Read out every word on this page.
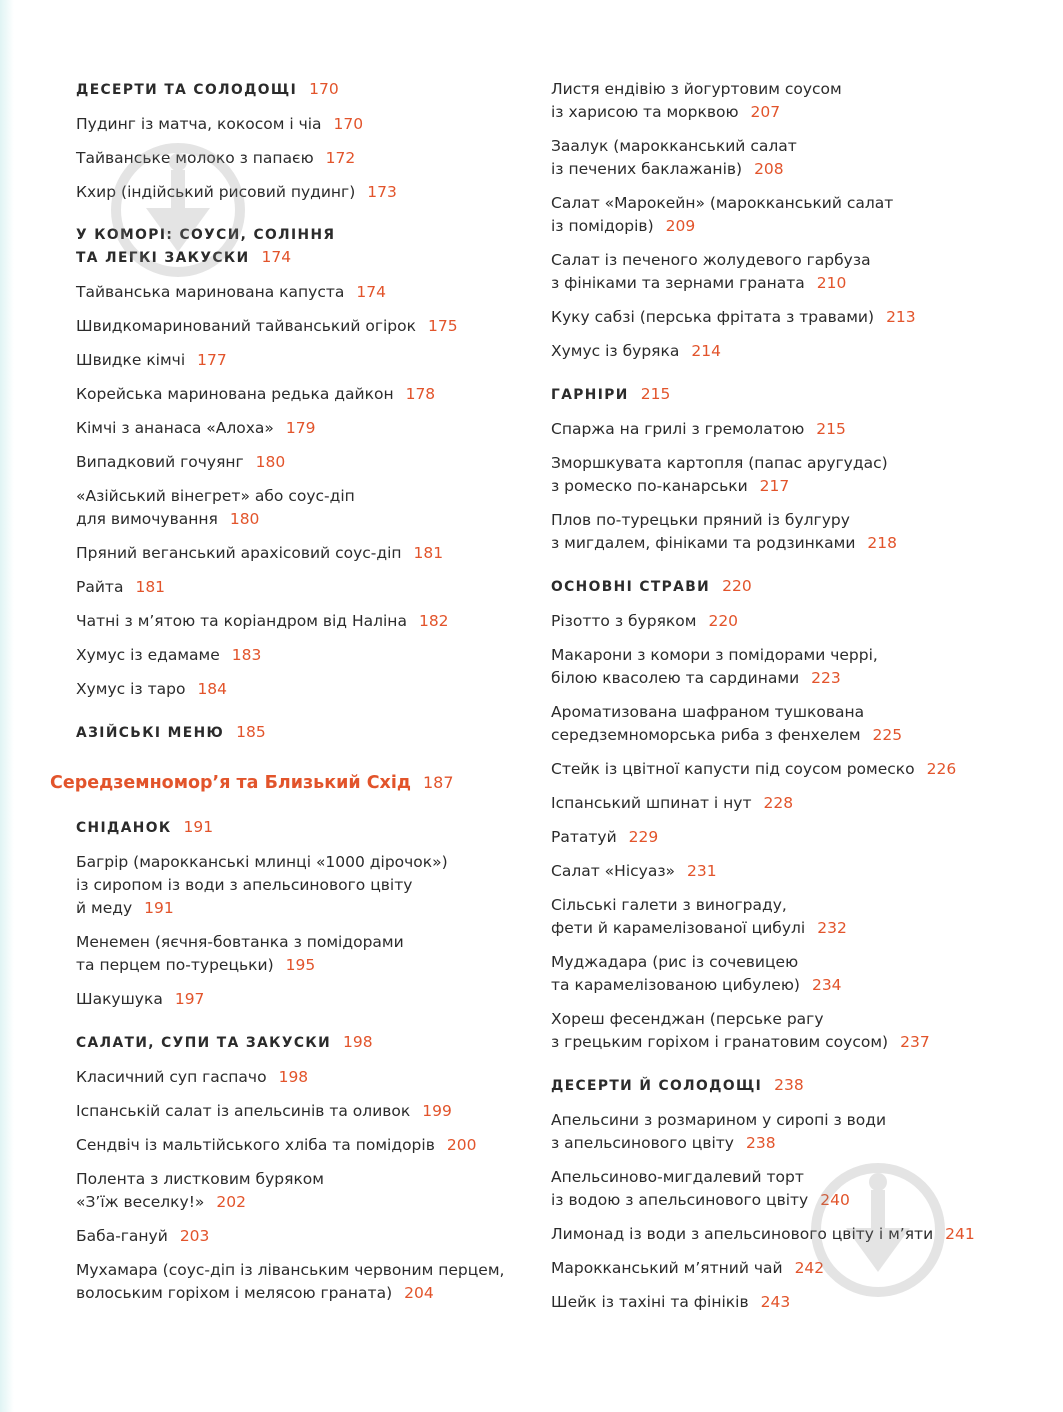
ДЕСЕРТИ ТА СОЛОДОЩІ 170
Пудинг із матча, кокосом і чіа 170
Тайванське молоко з папаєю 172
Кхир (індійський рисовий пудинг) 173
У КОМОРІ: СОУСИ, СОЛІННЯ
ТА ЛЕГКІ ЗАКУСКИ 174
Тайванська маринована капуста 174
Швидкомаринований тайванський огірок 175
Швидке кімчі 177
Корейська маринована редька дайкон 178
Кімчі з ананаса «Алоха» 179
Випадковий гочуянг 180
«Азійський вінегрет» або соус-діп
для вимочування 180
Пряний веганський арахісовий соус-діп 181
Райта 181
Чатні з м’ятою та коріандром від Наліна 182
Хумус із едамаме 183
Хумус із таро 184
АЗІЙСЬКІ МЕНЮ 185
Середземномор’я та Близький Схід 187
СНІДАНОК 191
Багрір (марокканські млинці «1000 дірочок»)
із сиропом із води з апельсинового цвіту
й меду 191
Менемен (яєчня-бовтанка з помідорами
та перцем по-турецьки) 195
Шакушука 197
САЛАТИ, СУПИ ТА ЗАКУСКИ 198
Класичний суп гаспачо 198
Іспанській салат із апельсинів та оливок 199
Сендвіч із мальтійського хліба та помідорів 200
Полента з листковим буряком
«З’їж веселку!» 202
Баба-гануй 203
Мухамара (соус-діп із ліванським червоним перцем,
волоським горіхом і мелясою граната) 204
Листя ендівію з йогуртовим соусом
із харисою та морквою 207
Заалук (марокканський салат
із печених баклажанів) 208
Салат «Марокейн» (марокканський салат
із помідорів) 209
Салат із печеного жолудевого гарбуза
з фініками та зернами граната 210
Куку сабзі (перська фрітата з травами) 213
Хумус із буряка 214
ГАРНІРИ 215
Спаржа на грилі з гремолатою 215
Зморшкувата картопля (папас аругудас)
з ромеско по-канарськи 217
Плов по-турецьки пряний із булгуру
з мигдалем, фініками та родзинками 218
ОСНОВНІ СТРАВИ 220
Різотто з буряком 220
Макарони з комори з помідорами черрі,
білою квасолею та сардинами 223
Ароматизована шафраном тушкована
середземноморська риба з фенхелем 225
Стейк із цвітної капусти під соусом ромеско 226
Іспанський шпинат і нут 228
Рататуй 229
Салат «Нісуаз» 231
Сільські галети з винограду,
фети й карамелізованої цибулі 232
Муджадара (рис із сочевицею
та карамелізованою цибулею) 234
Хореш фесенджан (перське рагу
з грецьким горіхом і гранатовим соусом) 237
ДЕСЕРТИ Й СОЛОДОЩІ 238
Апельсини з розмарином у сиропі з води
з апельсинового цвіту 238
Апельсиново-мигдалевий торт
із водою з апельсинового цвіту 240
Лимонад із води з апельсинового цвіту і м’яти 241
Марокканський м’ятний чай 242
Шейк із тахіні та фініків 243
